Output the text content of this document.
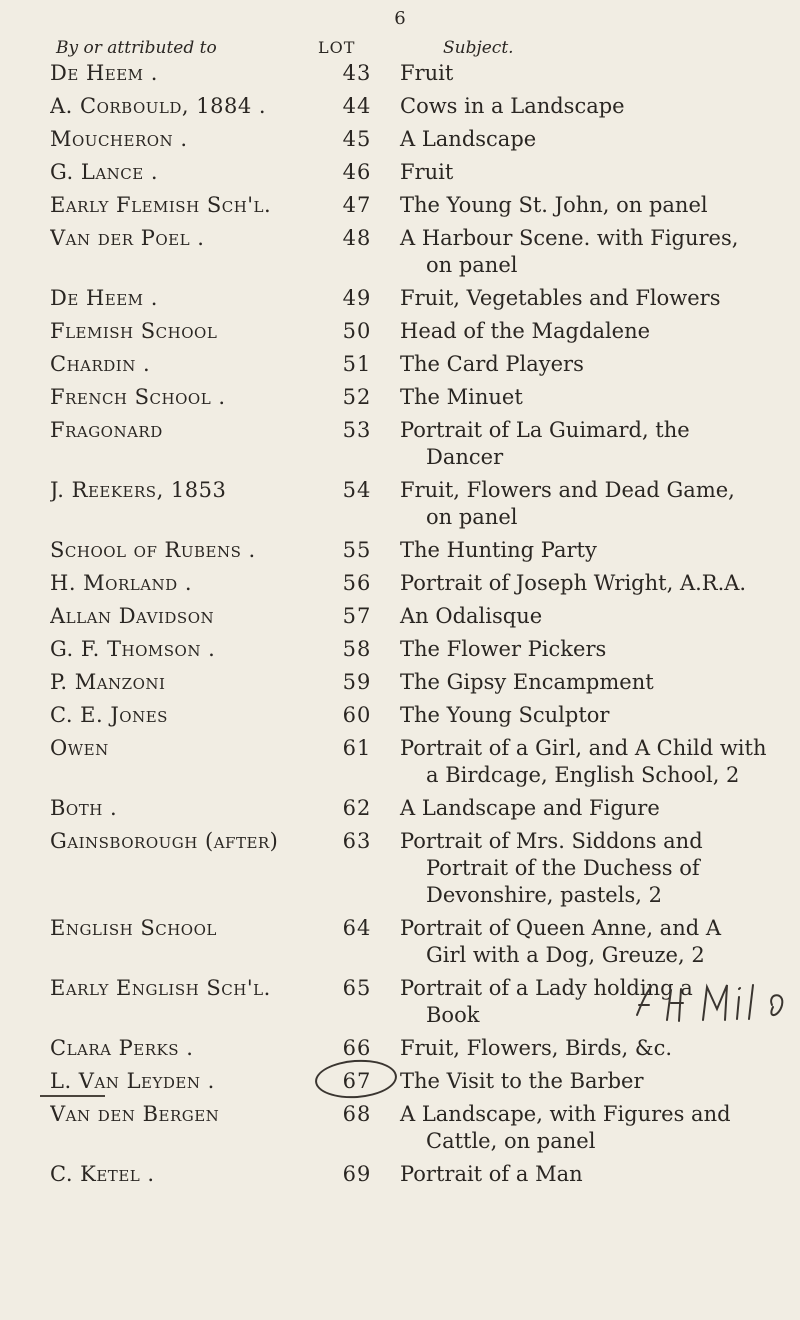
6
By or attributed to	LOT	Subject.
De Heem .	43	Fruit
A. Corbould, 1884 .	44	Cows in a Landscape
Moucheron .	45	A Landscape
G. Lance .	46	Fruit
Early Flemish Sch'l.	47	The Young St. John, on panel
Van der Poel .	48	A Harbour Scene. with Figures,
on panel
De Heem .	49	Fruit, Vegetables and Flowers
Flemish School	50	Head of the Magdalene
Chardin .	51	The Card Players
French School .	52	The Minuet
Fragonard	53	Portrait of La Guimard, the
Dancer
J. Reekers, 1853	54	Fruit, Flowers and Dead Game,
on panel
School of Rubens .	55	The Hunting Party
H. Morland .	56	Portrait of Joseph Wright, A.R.A.
Allan Davidson	57	An Odalisque
G. F. Thomson .	58	The Flower Pickers
P. Manzoni	59	The Gipsy Encampment
C. E. Jones	60	The Young Sculptor
Owen	61	Portrait of a Girl, and A Child with
a Birdcage, English School, 2
Both .	62	A Landscape and Figure
Gainsborough (after)	63	Portrait of Mrs. Siddons and
Portrait of the Duchess of
Devonshire, pastels, 2
English School	64	Portrait of Queen Anne, and A
Girl with a Dog, Greuze, 2
Early English Sch'l.	65	Portrait of a Lady holding a
Book
Clara Perks .	66	Fruit, Flowers, Birds, &c.
L. Van Leyden .	67	The Visit to the Barber
Van den Bergen	68	A Landscape, with Figures and
Cattle, on panel
C. Ketel .	69	Portrait of a Man
